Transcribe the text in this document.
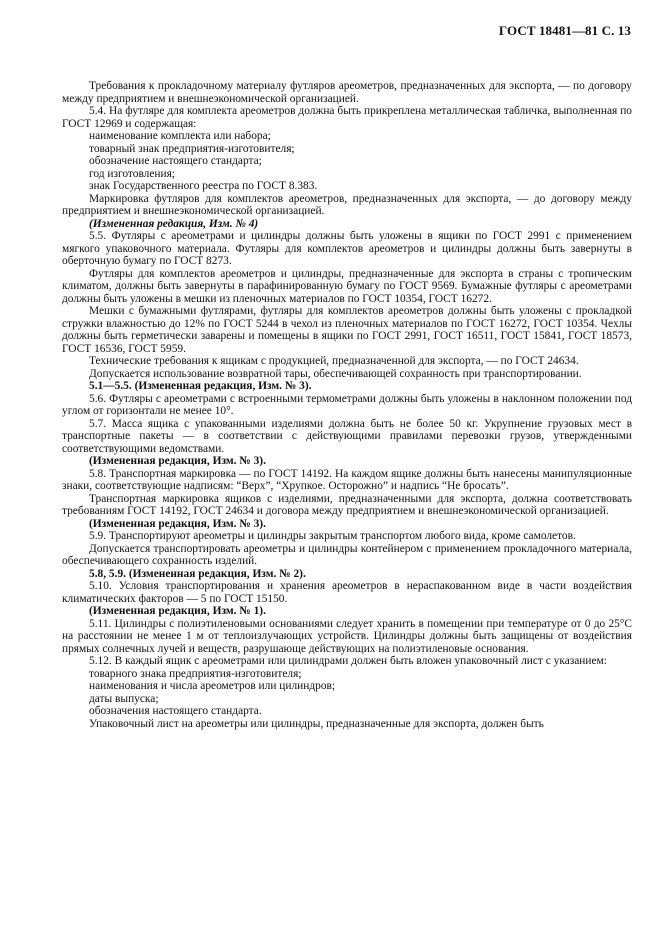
ГОСТ 18481—81 С. 13

Требования к прокладочному материалу футляров ареометров, предназначенных для экспорта, — по договору между предприятием и внешнеэкономической организацией.

5.4. На футляре для комплекта ареометров должна быть прикреплена металлическая табличка, выполненная по ГОСТ 12969 и содержащая:

наименование комплекта или набора;

товарный знак предприятия-изготовителя;

обозначение настоящего стандарта;

год изготовления;

знак Государственного реестра по ГОСТ 8.383.

Маркировка футляров для комплектов ареометров, предназначенных для экспорта, — до договору между предприятием и внешнеэкономической организацией.

(Измененная редакция, Изм. № 4)

5.5. Футляры с ареометрами и цилиндры должны быть уложены в ящики по ГОСТ 2991 с применением мягкого упаковочного материала. Футляры для комплектов ареометров и цилиндры должны быть завернуты в оберточную бумагу по ГОСТ 8273.

Футляры для комплектов ареометров и цилиндры, предназначенные для экспорта в страны с тропическим климатом, должны быть завернуты в парафинированную бумагу по ГОСТ 9569. Бумажные футляры с ареометрами должны быть уложены в мешки из пленочных материалов по ГОСТ 10354, ГОСТ 16272.

Мешки с бумажными футлярами, футляры для комплектов ареометров должны быть уложены с прокладкой стружки влажностью до 12% по ГОСТ 5244 в чехол из пленочных материалов по ГОСТ 16272, ГОСТ 10354. Чехлы должны быть герметически заварены и помещены в ящики по ГОСТ 2991, ГОСТ 16511, ГОСТ 15841, ГОСТ 18573, ГОСТ 16536, ГОСТ 5959.

Технические требования к ящикам с продукцией, предназначенной для экспорта, — по ГОСТ 24634.

Допускается использование возвратной тары, обеспечивающей сохранность при транспортировании.

5.1—5.5. (Измененная редакция, Изм. № 3).

5.6. Футляры с ареометрами с встроенными термометрами должны быть уложены в наклонном положении под углом от горизонтали не менее 10°.

5.7. Масса ящика с упакованными изделиями должна быть не более 50 кг. Укрупнение грузовых мест в транспортные пакеты — в соответствии с действующими правилами перевозки грузов, утвержденными соответствующими ведомствами.

(Измененная редакция, Изм. № 3).

5.8. Транспортная маркировка — по ГОСТ 14192. На каждом ящике должны быть нанесены манипуляционные знаки, соответствующие надписям: “Верх”, “Хрупкое. Осторожно” и надпись “Не бросать”.

Транспортная маркировка ящиков с изделиями, предназначенными для экспорта, должна соответствовать требованиям ГОСТ 14192, ГОСТ 24634 и договора между предприятием и внешнеэкономической организацией.

(Измененная редакция, Изм. № 3).

5.9. Транспортируют ареометры и цилиндры закрытым транспортом любого вида, кроме самолетов.

Допускается транспортировать ареометры и цилиндры контейнером с применением прокладочного материала, обеспечивающего сохранность изделий.

5.8, 5.9. (Измененная редакция, Изм. № 2).

5.10. Условия транспортирования и хранения ареометров в нераспакованном виде в части воздействия климатических факторов — 5 по ГОСТ 15150.

(Измененная редакция, Изм. № 1).

5.11. Цилиндры с полиэтиленовыми основаниями следует хранить в помещении при температуре от 0 до 25°C на расстоянии не менее 1 м от теплоизлучающих устройств. Цилиндры должны быть защищены от воздействия прямых солнечных лучей и веществ, разрушающе действующих на полиэтиленовые основания.

5.12. В каждый ящик с ареометрами или цилиндрами должен быть вложен упаковочный лист с указанием:

товарного знака предприятия-изготовителя;

наименования и числа ареометров или цилиндров;

даты выпуска;

обозначения настоящего стандарта.

Упаковочный лист на ареометры или цилиндры, предназначенные для экспорта, должен быть
